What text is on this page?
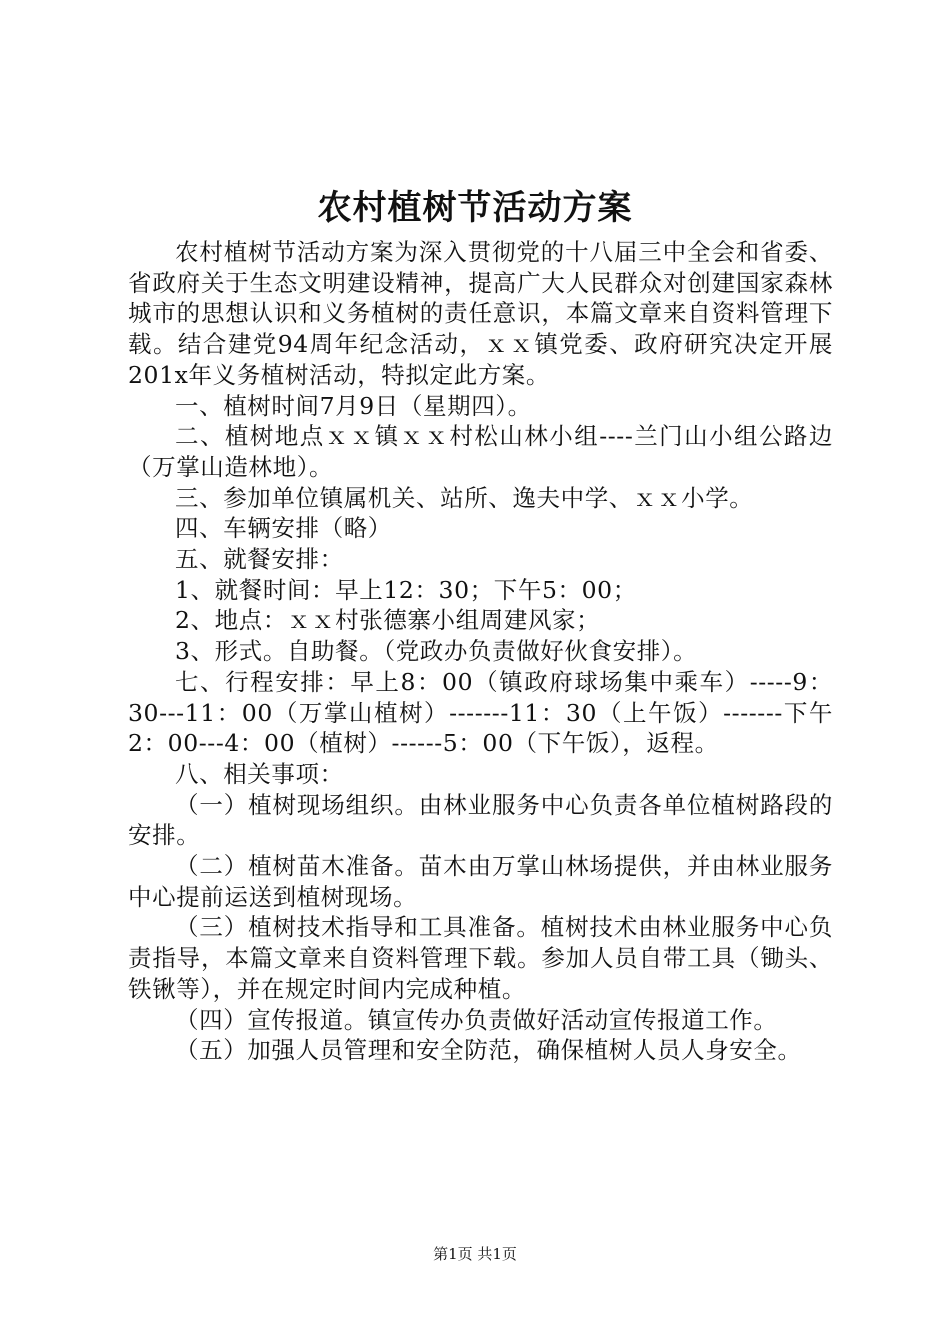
农村植树节活动方案

农村植树节活动方案为深入贯彻党的十八届三中全会和省委、省政府关于生态文明建设精神，提高广大人民群众对创建国家森林城市的思想认识和义务植树的责任意识，本篇文章来自资料管理下载。结合建党94周年纪念活动，ｘｘ镇党委、政府研究决定开展201x年义务植树活动，特拟定此方案。

一、植树时间7月9日（星期四）。

二、植树地点ｘｘ镇ｘｘ村松山林小组----兰门山小组公路边（万掌山造林地）。

三、参加单位镇属机关、站所、逸夫中学、ｘｘ小学。

四、车辆安排（略）

五、就餐安排：

1、就餐时间：早上12：30；下午5：00；

2、地点：ｘｘ村张德寨小组周建风家；

3、形式。自助餐。（党政办负责做好伙食安排）。

七、行程安排：早上8：00（镇政府球场集中乘车）-----9：30---11：00（万掌山植树）-------11：30（上午饭）-------下午2：00---4：00（植树）------5：00（下午饭），返程。

八、相关事项：

（一）植树现场组织。由林业服务中心负责各单位植树路段的安排。

（二）植树苗木准备。苗木由万掌山林场提供，并由林业服务中心提前运送到植树现场。

（三）植树技术指导和工具准备。植树技术由林业服务中心负责指导，本篇文章来自资料管理下载。参加人员自带工具（锄头、铁锹等），并在规定时间内完成种植。

（四）宣传报道。镇宣传办负责做好活动宣传报道工作。

（五）加强人员管理和安全防范，确保植树人员人身安全。

第1页 共1页
